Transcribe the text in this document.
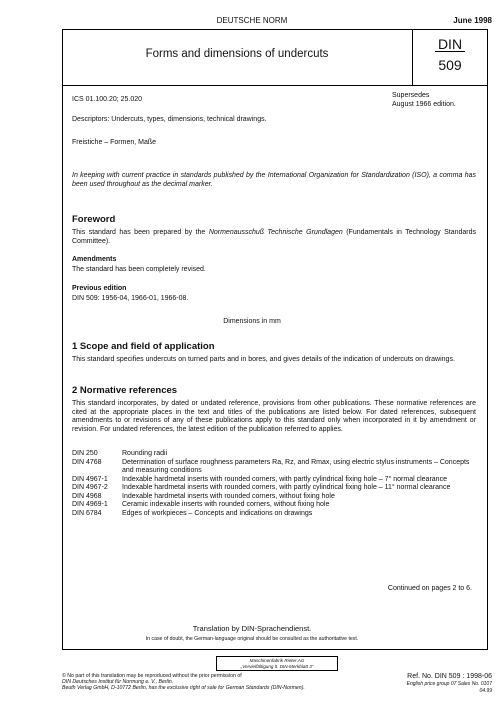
DEUTSCHE NORM	June 1998
Forms and dimensions of undercuts
DIN
509
ICS 01.100.20; 25.020
Supersedes
August 1966 edition.
Descriptors: Undercuts, types, dimensions, technical drawings.
Freistiche – Formen, Maße
In keeping with current practice in standards published by the International Organization for Standardization (ISO), a comma has been used throughout as the decimal marker.
Foreword
This standard has been prepared by the Normenausschuß Technische Grundlagen (Fundamentals in Technology Standards Committee).
Amendments
The standard has been completely revised.
Previous edition
DIN 509: 1956-04, 1966-01, 1966-08.
Dimensions in mm
1 Scope and field of application
This standard specifies undercuts on turned parts and in bores, and gives details of the indication of undercuts on drawings.
2 Normative references
This standard incorporates, by dated or undated reference, provisions from other publications. These normative references are cited at the appropriate places in the text and titles of the publications are listed below. For dated references, subsequent amendments to or revisions of any of these publications apply to this standard only when incorporated in it by amendment or revision. For undated references, the latest edition of the publication referred to applies.
DIN 250	Rounding radii
DIN 4768	Determination of surface roughness parameters Ra, Rz, and Rmax, using electric stylus instruments – Concepts and measuring conditions
DIN 4967-1	Indexable hardmetal inserts with rounded corners, with partly cylindrical fixing hole – 7° normal clearance
DIN 4967-2	Indexable hardmetal inserts with rounded corners, with partly cylindrical fixing hole – 11° normal clearance
DIN 4968	Indexable hardmetal inserts with rounded corners, without fixing hole
DIN 4969-1	Ceramic indexable inserts with rounded corners, without fixing hole
DIN 6784	Edges of workpieces – Concepts and indications on drawings
Continued on pages 2 to 6.
Translation by DIN-Sprachendienst.
In case of doubt, the German-language original should be consulted as the authoritative text.
Maschinenfabrik Rieter AG
„Vervielfältigung lt. DIN-Merkblatt 3“
© No part of this translation may be reproduced without the prior permission of
DIN Deutsches Institut für Normung e. V., Berlin.
Beuth Verlag GmbH, D-10772 Berlin, has the exclusive right of sale for German Standards (DIN-Normen).
Ref. No. DIN 509 : 1998-06
English price group 07 Sales No. 0107
04.99
